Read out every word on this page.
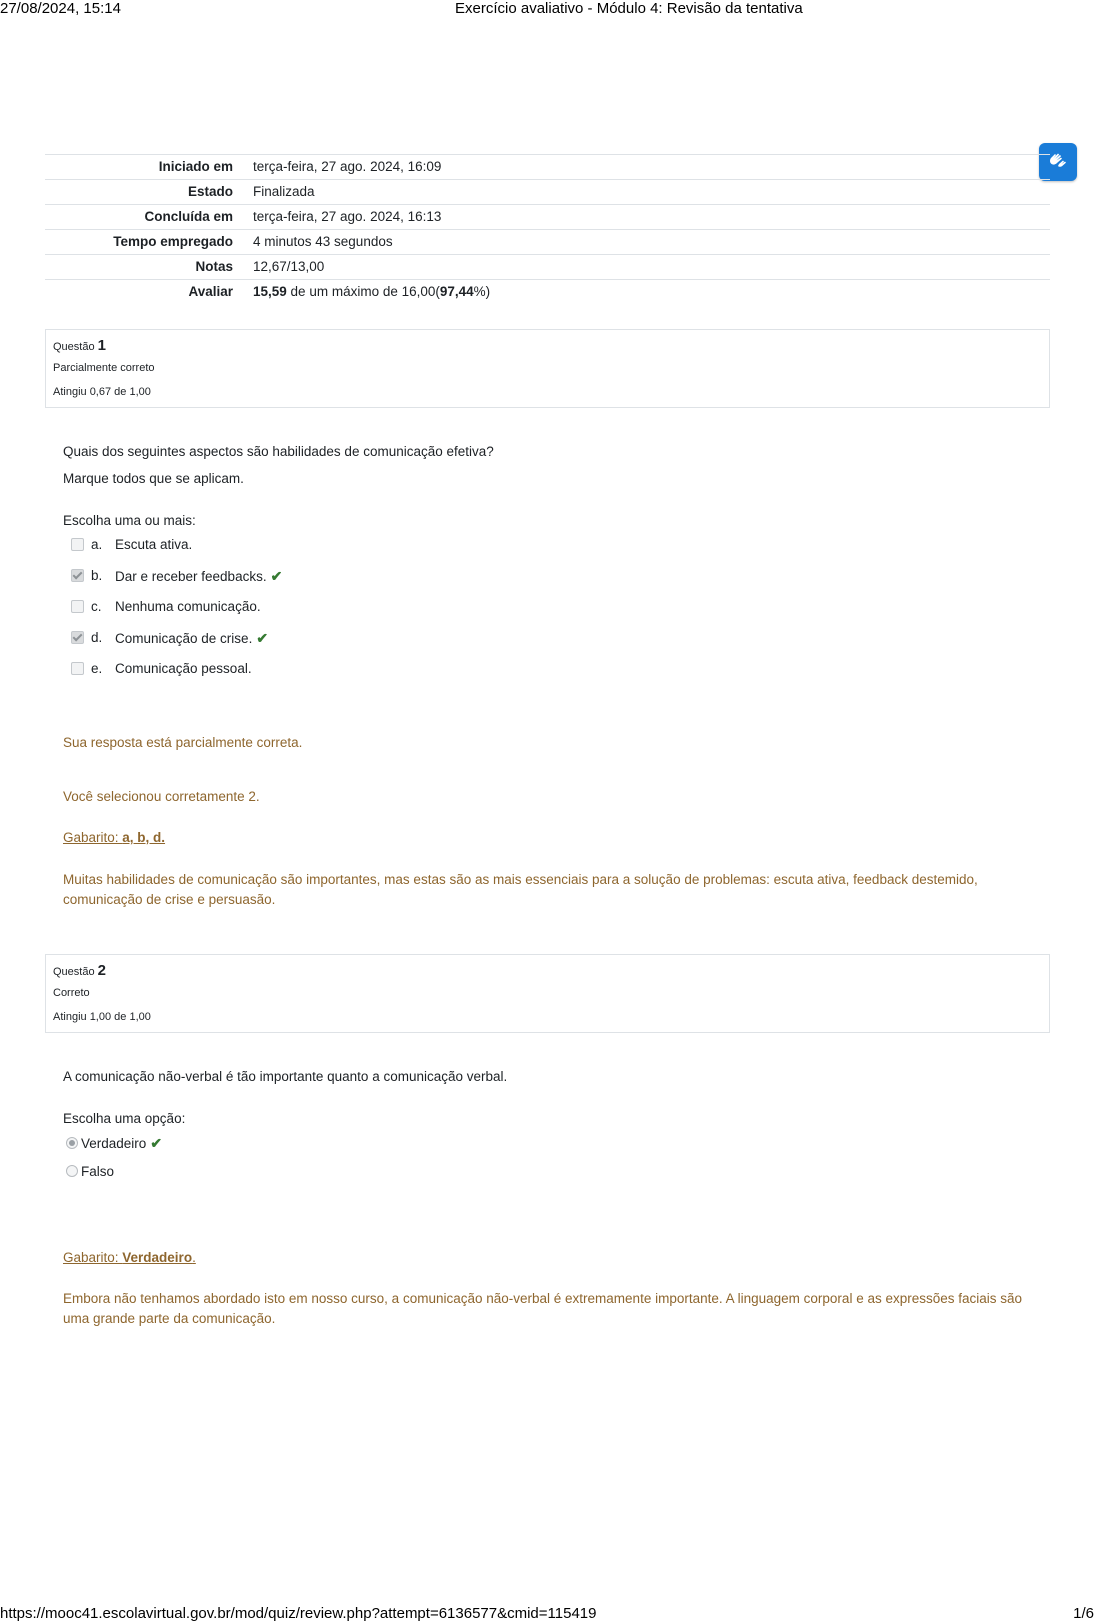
27/08/2024, 15:14	Exercício avaliativo - Módulo 4: Revisão da tentativa
Iniciado em	terça-feira, 27 ago. 2024, 16:09
Estado	Finalizada
Concluída em	terça-feira, 27 ago. 2024, 16:13
Tempo empregado	4 minutos 43 segundos
Notas	12,67/13,00
Avaliar	15,59 de um máximo de 16,00(97,44%)
Questão 1
Parcialmente correto
Atingiu 0,67 de 1,00
Quais dos seguintes aspectos são habilidades de comunicação efetiva?
Marque todos que se aplicam.
Escolha uma ou mais:
a. Escuta ativa.
b. Dar e receber feedbacks. ✔
c. Nenhuma comunicação.
d. Comunicação de crise. ✔
e. Comunicação pessoal.
Sua resposta está parcialmente correta.
Você selecionou corretamente 2.
Gabarito: a, b, d.
Muitas habilidades de comunicação são importantes, mas estas são as mais essenciais para a solução de problemas: escuta ativa, feedback destemido, comunicação de crise e persuasão.
Questão 2
Correto
Atingiu 1,00 de 1,00
A comunicação não-verbal é tão importante quanto a comunicação verbal.
Escolha uma opção:
Verdadeiro ✔
Falso
Gabarito: Verdadeiro.
Embora não tenhamos abordado isto em nosso curso, a comunicação não-verbal é extremamente importante. A linguagem corporal e as expressões faciais são uma grande parte da comunicação.
https://mooc41.escolavirtual.gov.br/mod/quiz/review.php?attempt=6136577&cmid=115419	1/6
